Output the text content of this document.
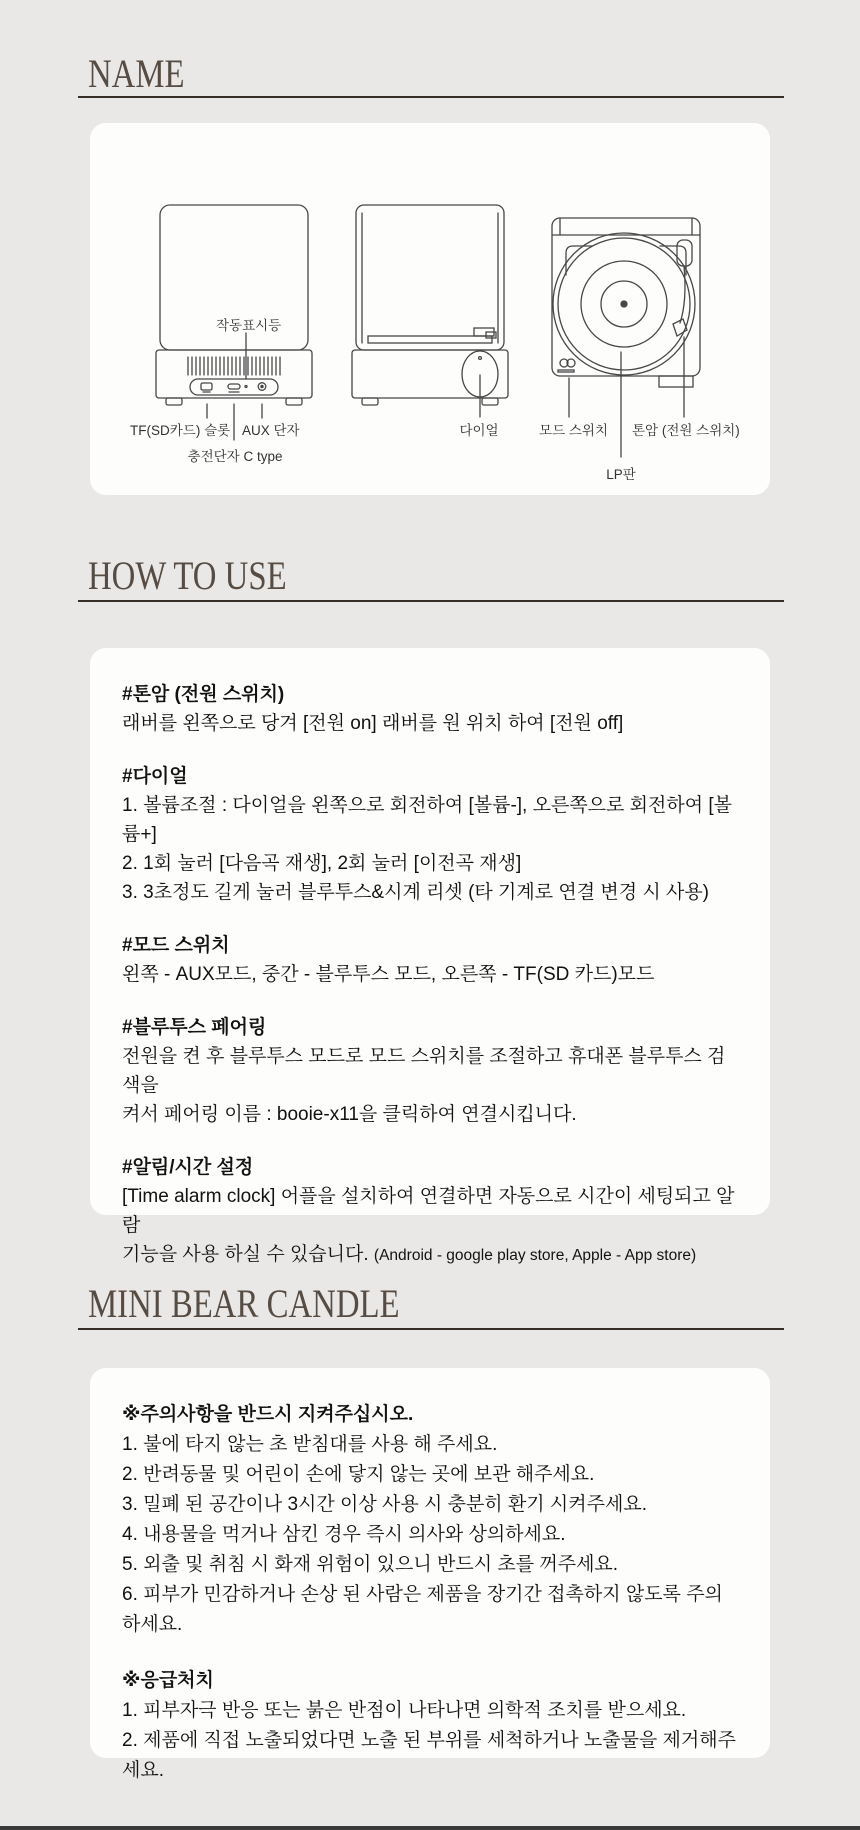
NAME
작동표시등
TF(SD카드) 슬롯 AUX 단자
충전단자 C type
다이얼	모드 스위치 톤암 (전원 스위치)
LP판
HOW TO USE

#톤암 (전원 스위치)

래버를 왼쪽으로 당겨 [전원 on] 래버를 원 위치 하여 [전원 off]

#다이얼

1. 볼륨조절 : 다이얼을 왼쪽으로 회전하여 [볼륨-], 오른쪽으로 회전하여 [볼륨+]

2. 1회 눌러 [다음곡 재생], 2회 눌러 [이전곡 재생]

3. 3초정도 길게 눌러 블루투스&시계 리셋 (타 기계로 연결 변경 시 사용)

#모드 스위치

왼쪽 - AUX모드, 중간 - 블루투스 모드, 오른쪽 - TF(SD 카드)모드

#블루투스 페어링

전원을 켠 후 블루투스 모드로 모드 스위치를 조절하고 휴대폰 블루투스 검색을

켜서 페어링 이름 : booie-x11을 클릭하여 연결시킵니다.

#알림/시간 설정

[Time alarm clock] 어플을 설치하여 연결하면 자동으로 시간이 세팅되고 알람

기능을 사용 하실 수 있습니다. (Android - google play store, Apple - App store)

MINI BEAR CANDLE

※주의사항을 반드시 지켜주십시오.

1. 불에 타지 않는 초 받침대를 사용 해 주세요.

2. 반려동물 및 어린이 손에 닿지 않는 곳에 보관 해주세요.

3. 밀폐 된 공간이나 3시간 이상 사용 시 충분히 환기 시켜주세요.

4. 내용물을 먹거나 삼킨 경우 즉시 의사와 상의하세요.

5. 외출 및 취침 시 화재 위험이 있으니 반드시 초를 꺼주세요.

6. 피부가 민감하거나 손상 된 사람은 제품을 장기간 접촉하지 않도록 주의하세요.

※응급처치

1. 피부자극 반응 또는 붉은 반점이 나타나면 의학적 조치를 받으세요.

2. 제품에 직접 노출되었다면 노출 된 부위를 세척하거나 노출물을 제거해주세요.
